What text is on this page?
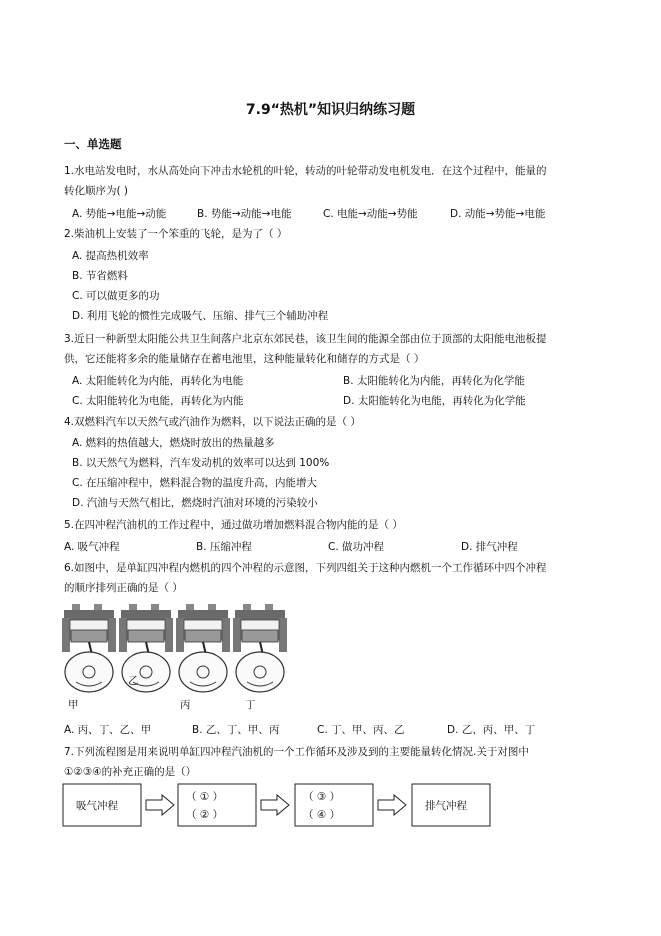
7.9“热机”知识归纳练习题
一、单选题
1.水电站发电时，水从高处向下冲击水轮机的叶轮，转动的叶轮带动发电机发电．在这个过程中，能量的
转化顺序为( )
A. 势能→电能→动能	B. 势能→动能→电能	C. 电能→动能→势能	D. 动能→势能→电能
2.柴油机上安装了一个笨重的飞轮，是为了（ ）
A. 提高热机效率
B. 节省燃料
C. 可以做更多的功
D. 利用飞轮的惯性完成吸气、压缩、排气三个辅助冲程
3.近日一种新型太阳能公共卫生间落户北京东郊民巷，该卫生间的能源全部由位于顶部的太阳能电池板提
供，它还能将多余的能量储存在蓄电池里，这种能量转化和储存的方式是（ ）
A. 太阳能转化为内能，再转化为电能	B. 太阳能转化为内能，再转化为化学能
C. 太阳能转化为电能，再转化为内能	D. 太阳能转化为电能，再转化为化学能
4.双燃料汽车以天然气或汽油作为燃料，以下说法正确的是（ ）
A. 燃料的热值越大，燃烧时放出的热量越多
B. 以天然气为燃料，汽车发动机的效率可以达到 100%
C. 在压缩冲程中，燃料混合物的温度升高，内能增大
D. 汽油与天然气相比，燃烧时汽油对环境的污染较小
5.在四冲程汽油机的工作过程中，通过做功增加燃料混合物内能的是（ ）
A. 吸气冲程	B. 压缩冲程	C. 做功冲程	D. 排气冲程
6.如图中，是单缸四冲程内燃机的四个冲程的示意图，下列四组关于这种内燃机一个工作循环中四个冲程
的顺序排列正确的是（ ）
甲
乙
丙	丁
A. 丙、丁、乙、甲	B. 乙、丁、甲、丙	C. 丁、甲、丙、乙	D. 乙、丙、甲、丁
7.下列流程图是用来说明单缸四冲程汽油机的一个工作循环及涉及到的主要能量转化情况.关于对图中
①②③④的补充正确的是（）
吸气冲程
（ ① ）
（ ② ）
（ ③ ）
（ ④ ）
排气冲程
